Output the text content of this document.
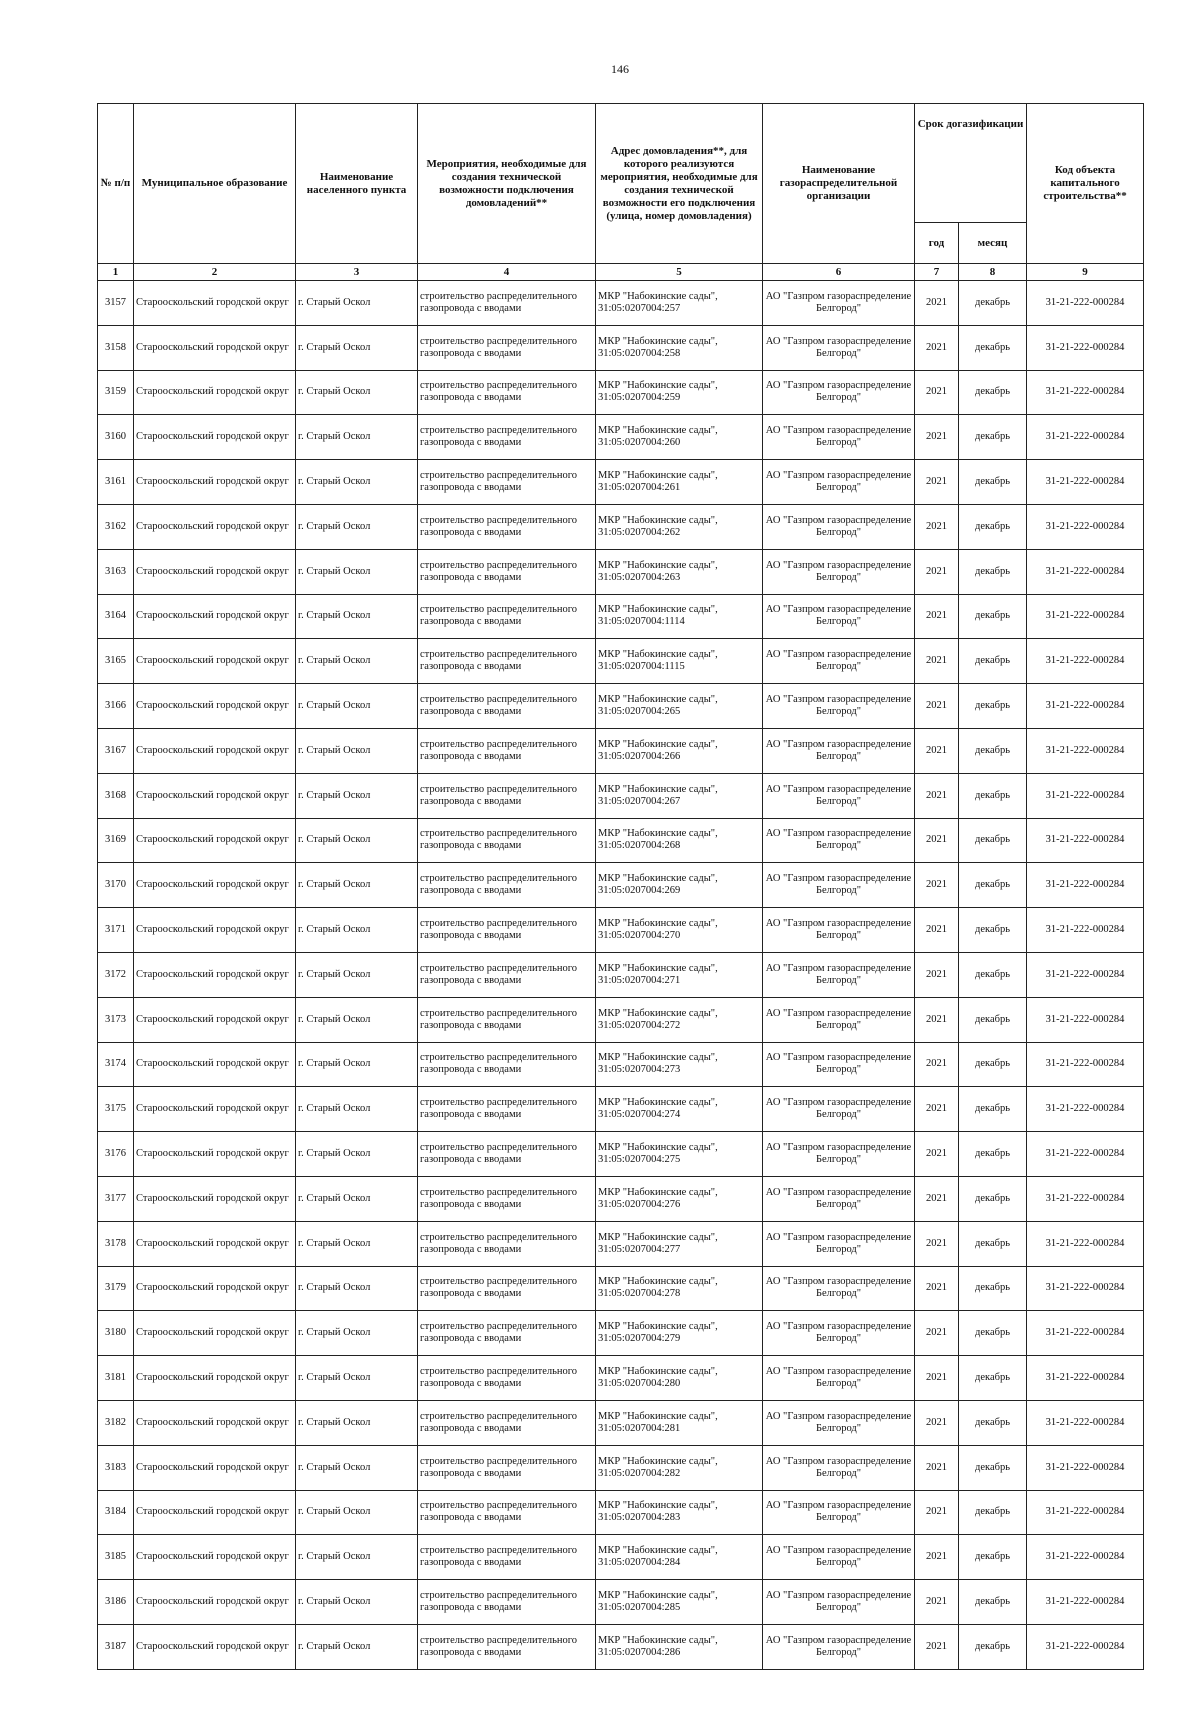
146
№ п/п	Муниципальное образование	Наименование населенного пункта	Мероприятия, необходимые для создания технической возможности подключения домовладений**	Адрес домовладения**, для которого реализуются мероприятия, необходимые для создания технической возможности его подключения (улица, номер домовладения)	Наименование газораспределительной организации	Срок догазификации		Код объекта капитального строительства**
						год	месяц	
1	2	3	4	5	6	7	8	9
3157	Старооскольский городской округ	г. Старый Оскол	строительство распределительного газопровода с вводами	МКР "Набокинские сады", 31:05:0207004:257	АО "Газпром газораспределение Белгород"	2021	декабрь	31-21-222-000284
3158	Старооскольский городской округ	г. Старый Оскол	строительство распределительного газопровода с вводами	МКР "Набокинские сады", 31:05:0207004:258	АО "Газпром газораспределение Белгород"	2021	декабрь	31-21-222-000284
3159	Старооскольский городской округ	г. Старый Оскол	строительство распределительного газопровода с вводами	МКР "Набокинские сады", 31:05:0207004:259	АО "Газпром газораспределение Белгород"	2021	декабрь	31-21-222-000284
3160	Старооскольский городской округ	г. Старый Оскол	строительство распределительного газопровода с вводами	МКР "Набокинские сады", 31:05:0207004:260	АО "Газпром газораспределение Белгород"	2021	декабрь	31-21-222-000284
3161	Старооскольский городской округ	г. Старый Оскол	строительство распределительного газопровода с вводами	МКР "Набокинские сады", 31:05:0207004:261	АО "Газпром газораспределение Белгород"	2021	декабрь	31-21-222-000284
3162	Старооскольский городской округ	г. Старый Оскол	строительство распределительного газопровода с вводами	МКР "Набокинские сады", 31:05:0207004:262	АО "Газпром газораспределение Белгород"	2021	декабрь	31-21-222-000284
3163	Старооскольский городской округ	г. Старый Оскол	строительство распределительного газопровода с вводами	МКР "Набокинские сады", 31:05:0207004:263	АО "Газпром газораспределение Белгород"	2021	декабрь	31-21-222-000284
3164	Старооскольский городской округ	г. Старый Оскол	строительство распределительного газопровода с вводами	МКР "Набокинские сады", 31:05:0207004:1114	АО "Газпром газораспределение Белгород"	2021	декабрь	31-21-222-000284
3165	Старооскольский городской округ	г. Старый Оскол	строительство распределительного газопровода с вводами	МКР "Набокинские сады", 31:05:0207004:1115	АО "Газпром газораспределение Белгород"	2021	декабрь	31-21-222-000284
3166	Старооскольский городской округ	г. Старый Оскол	строительство распределительного газопровода с вводами	МКР "Набокинские сады", 31:05:0207004:265	АО "Газпром газораспределение Белгород"	2021	декабрь	31-21-222-000284
3167	Старооскольский городской округ	г. Старый Оскол	строительство распределительного газопровода с вводами	МКР "Набокинские сады", 31:05:0207004:266	АО "Газпром газораспределение Белгород"	2021	декабрь	31-21-222-000284
3168	Старооскольский городской округ	г. Старый Оскол	строительство распределительного газопровода с вводами	МКР "Набокинские сады", 31:05:0207004:267	АО "Газпром газораспределение Белгород"	2021	декабрь	31-21-222-000284
3169	Старооскольский городской округ	г. Старый Оскол	строительство распределительного газопровода с вводами	МКР "Набокинские сады", 31:05:0207004:268	АО "Газпром газораспределение Белгород"	2021	декабрь	31-21-222-000284
3170	Старооскольский городской округ	г. Старый Оскол	строительство распределительного газопровода с вводами	МКР "Набокинские сады", 31:05:0207004:269	АО "Газпром газораспределение Белгород"	2021	декабрь	31-21-222-000284
3171	Старооскольский городской округ	г. Старый Оскол	строительство распределительного газопровода с вводами	МКР "Набокинские сады", 31:05:0207004:270	АО "Газпром газораспределение Белгород"	2021	декабрь	31-21-222-000284
3172	Старооскольский городской округ	г. Старый Оскол	строительство распределительного газопровода с вводами	МКР "Набокинские сады", 31:05:0207004:271	АО "Газпром газораспределение Белгород"	2021	декабрь	31-21-222-000284
3173	Старооскольский городской округ	г. Старый Оскол	строительство распределительного газопровода с вводами	МКР "Набокинские сады", 31:05:0207004:272	АО "Газпром газораспределение Белгород"	2021	декабрь	31-21-222-000284
3174	Старооскольский городской округ	г. Старый Оскол	строительство распределительного газопровода с вводами	МКР "Набокинские сады", 31:05:0207004:273	АО "Газпром газораспределение Белгород"	2021	декабрь	31-21-222-000284
3175	Старооскольский городской округ	г. Старый Оскол	строительство распределительного газопровода с вводами	МКР "Набокинские сады", 31:05:0207004:274	АО "Газпром газораспределение Белгород"	2021	декабрь	31-21-222-000284
3176	Старооскольский городской округ	г. Старый Оскол	строительство распределительного газопровода с вводами	МКР "Набокинские сады", 31:05:0207004:275	АО "Газпром газораспределение Белгород"	2021	декабрь	31-21-222-000284
3177	Старооскольский городской округ	г. Старый Оскол	строительство распределительного газопровода с вводами	МКР "Набокинские сады", 31:05:0207004:276	АО "Газпром газораспределение Белгород"	2021	декабрь	31-21-222-000284
3178	Старооскольский городской округ	г. Старый Оскол	строительство распределительного газопровода с вводами	МКР "Набокинские сады", 31:05:0207004:277	АО "Газпром газораспределение Белгород"	2021	декабрь	31-21-222-000284
3179	Старооскольский городской округ	г. Старый Оскол	строительство распределительного газопровода с вводами	МКР "Набокинские сады", 31:05:0207004:278	АО "Газпром газораспределение Белгород"	2021	декабрь	31-21-222-000284
3180	Старооскольский городской округ	г. Старый Оскол	строительство распределительного газопровода с вводами	МКР "Набокинские сады", 31:05:0207004:279	АО "Газпром газораспределение Белгород"	2021	декабрь	31-21-222-000284
3181	Старооскольский городской округ	г. Старый Оскол	строительство распределительного газопровода с вводами	МКР "Набокинские сады", 31:05:0207004:280	АО "Газпром газораспределение Белгород"	2021	декабрь	31-21-222-000284
3182	Старооскольский городской округ	г. Старый Оскол	строительство распределительного газопровода с вводами	МКР "Набокинские сады", 31:05:0207004:281	АО "Газпром газораспределение Белгород"	2021	декабрь	31-21-222-000284
3183	Старооскольский городской округ	г. Старый Оскол	строительство распределительного газопровода с вводами	МКР "Набокинские сады", 31:05:0207004:282	АО "Газпром газораспределение Белгород"	2021	декабрь	31-21-222-000284
3184	Старооскольский городской округ	г. Старый Оскол	строительство распределительного газопровода с вводами	МКР "Набокинские сады", 31:05:0207004:283	АО "Газпром газораспределение Белгород"	2021	декабрь	31-21-222-000284
3185	Старооскольский городской округ	г. Старый Оскол	строительство распределительного газопровода с вводами	МКР "Набокинские сады", 31:05:0207004:284	АО "Газпром газораспределение Белгород"	2021	декабрь	31-21-222-000284
3186	Старооскольский городской округ	г. Старый Оскол	строительство распределительного газопровода с вводами	МКР "Набокинские сады", 31:05:0207004:285	АО "Газпром газораспределение Белгород"	2021	декабрь	31-21-222-000284
3187	Старооскольский городской округ	г. Старый Оскол	строительство распределительного газопровода с вводами	МКР "Набокинские сады", 31:05:0207004:286	АО "Газпром газораспределение Белгород"	2021	декабрь	31-21-222-000284
